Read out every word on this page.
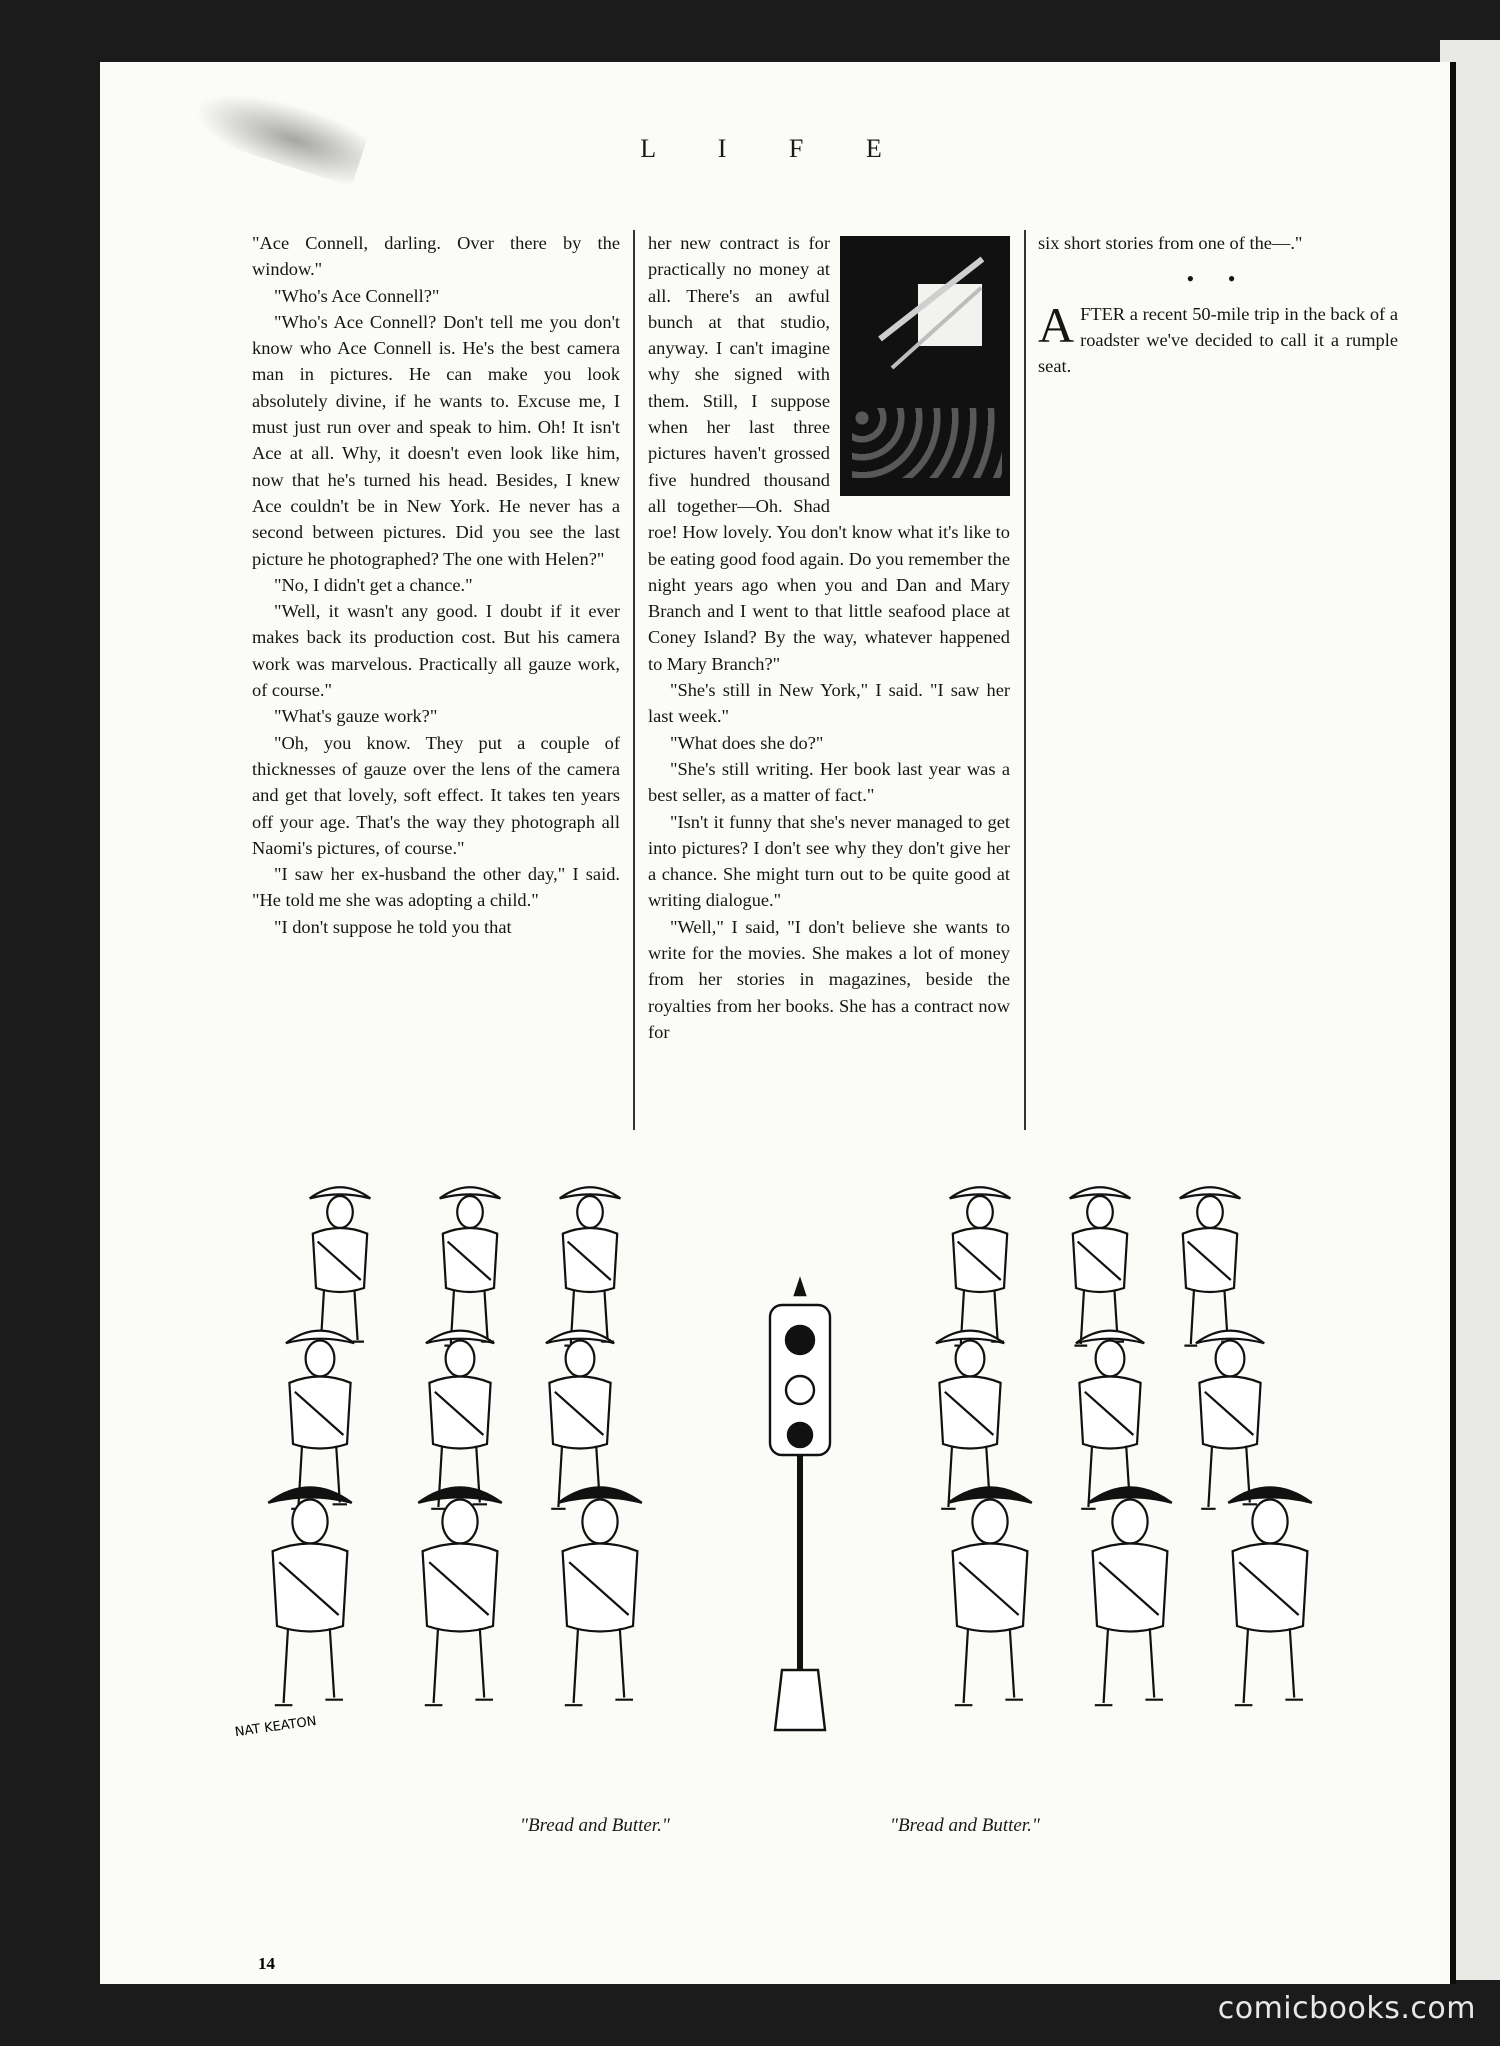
L I F E
14

"Ace Connell, darling. Over there by the window."

"Who's Ace Connell?"

"Who's Ace Connell? Don't tell me you don't know who Ace Connell is. He's the best camera man in pictures. He can make you look absolutely divine, if he wants to. Excuse me, I must just run over and speak to him. Oh! It isn't Ace at all. Why, it doesn't even look like him, now that he's turned his head. Besides, I knew Ace couldn't be in New York. He never has a second between pictures. Did you see the last picture he photographed? The one with Helen?"

"No, I didn't get a chance."

"Well, it wasn't any good. I doubt if it ever makes back its production cost. But his camera work was marvelous. Practically all gauze work, of course."

"What's gauze work?"

"Oh, you know. They put a couple of thicknesses of gauze over the lens of the camera and get that lovely, soft effect. It takes ten years off your age. That's the way they photograph all Naomi's pictures, of course."

"I saw her ex-husband the other day," I said. "He told me she was adopting a child."

"I don't suppose he told you that

her new contract is for practically no money at all. There's an awful bunch at that studio, anyway. I can't imagine why she signed with them. Still, I suppose when her last three pictures haven't grossed five hundred thousand all together—Oh. Shad roe! How lovely. You don't know what it's like to be eating good food again. Do you remember the night years ago when you and Dan and Mary Branch and I went to that little seafood place at Coney Island? By the way, whatever happened to Mary Branch?"

"She's still in New York," I said. "I saw her last week."

"What does she do?"

"She's still writing. Her book last year was a best seller, as a matter of fact."

"Isn't it funny that she's never managed to get into pictures? I don't see why they don't give her a chance. She might turn out to be quite good at writing dialogue."

"Well," I said, "I don't believe she wants to write for the movies. She makes a lot of money from her stories in magazines, beside the royalties from her books. She has a contract now for

six short stories from one of the—."

• •

AFTER a recent 50-mile trip in the back of a roadster we've decided to call it a rumple seat.

NAT KEATON
"Bread and Butter."	"Bread and Butter."
comicbooks.com
